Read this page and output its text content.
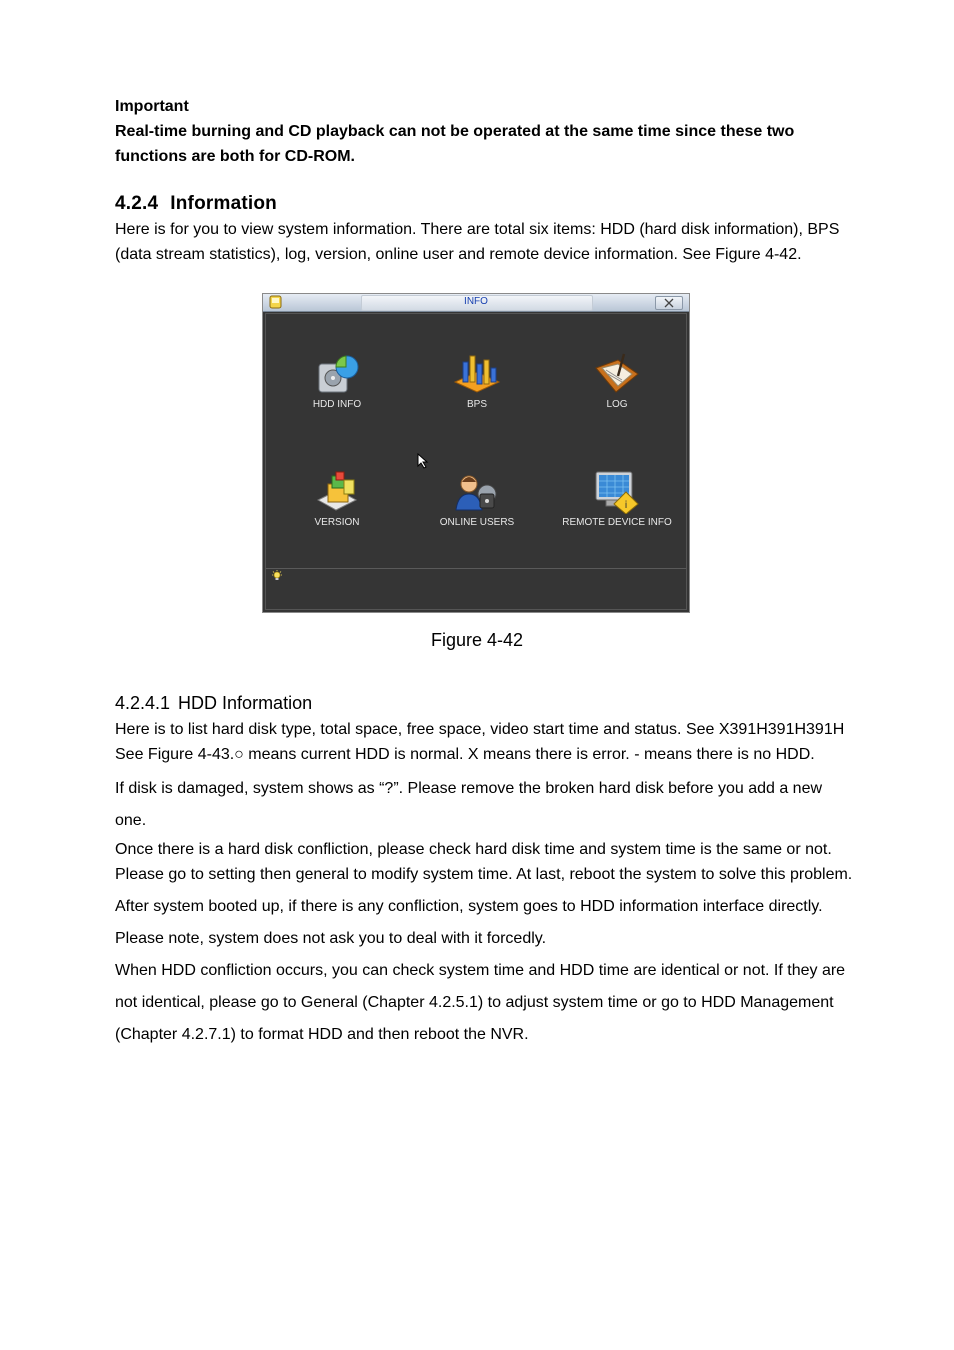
Important

Real-time burning and CD playback can not be operated at the same time since these two functions are both for CD-ROM.

4.2.4 Information

Here is for you to view system information. There are total six items: HDD (hard disk information), BPS (data stream statistics), log, version, online user and remote device information. See Figure 4-42.

Figure 4-42
4.2.4.1 HDD Information

Here is to list hard disk type, total space, free space, video start time and status. See X391H391H391H See Figure 4-43.○ means current HDD is normal. X means there is error. - means there is no HDD.

If disk is damaged, system shows as “?”. Please remove the broken hard disk before you add a new one.

Once there is a hard disk confliction, please check hard disk time and system time is the same or not. Please go to setting then general to modify system time. At last, reboot the system to solve this problem.

After system booted up, if there is any confliction, system goes to HDD information interface directly. Please note, system does not ask you to deal with it forcedly.

When HDD confliction occurs, you can check system time and HDD time are identical or not. If they are not identical, please go to General (Chapter 4.2.5.1) to adjust system time or go to HDD Management (Chapter 4.2.7.1) to format HDD and then reboot the NVR.

INFO
HDD INFO	BPS	LOG
VERSION	ONLINE USERS
i
REMOTE DEVICE INFO
